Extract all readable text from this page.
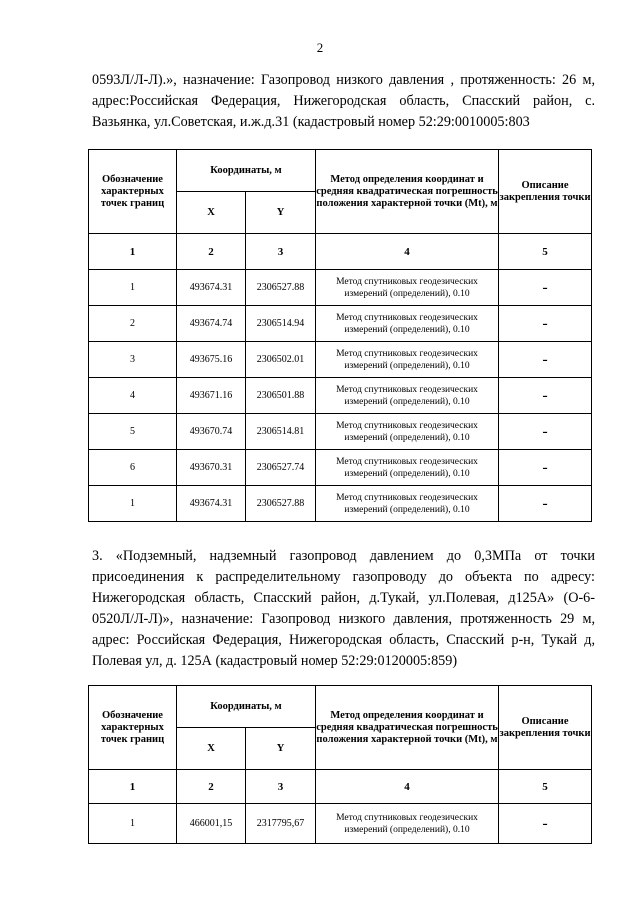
2
0593Л/Л-Л).», назначение: Газопровод низкого давления , протяженность: 26 м, адрес:Российская Федерация, Нижегородская область, Спасский район, с. Вазьянка, ул.Советская, и.ж.д.31 (кадастровый номер 52:29:0010005:803
Обозначение характерных точек границ	Координаты, м		Метод определения координат и средняя квадратическая погрешность положения характерной точки (Mt), м	Описание закрепления точки
	X	Y		
1	2	3	4	5
1	493674.31	2306527.88	Метод спутниковых геодезических измерений (определений), 0.10	-
2	493674.74	2306514.94	Метод спутниковых геодезических измерений (определений), 0.10	-
3	493675.16	2306502.01	Метод спутниковых геодезических измерений (определений), 0.10	-
4	493671.16	2306501.88	Метод спутниковых геодезических измерений (определений), 0.10	-
5	493670.74	2306514.81	Метод спутниковых геодезических измерений (определений), 0.10	-
6	493670.31	2306527.74	Метод спутниковых геодезических измерений (определений), 0.10	-
1	493674.31	2306527.88	Метод спутниковых геодезических измерений (определений), 0.10	-
3. «Подземный, надземный газопровод давлением до 0,3МПа от точки присоединения к распределительному газопроводу до объекта по адресу: Нижегородская область, Спасский район, д.Тукай, ул.Полевая, д125А» (О-6-0520Л/Л-Л)», назначение: Газопровод низкого давления, протяженность 29 м, адрес: Российская Федерация, Нижегородская область, Спасский р-н, Тукай д, Полевая ул, д. 125А (кадастровый номер 52:29:0120005:859)
Обозначение характерных точек границ	Координаты, м		Метод определения координат и средняя квадратическая погрешность положения характерной точки (Mt), м	Описание закрепления точки
	X	Y		
1	2	3	4	5
1	466001,15	2317795,67	Метод спутниковых геодезических измерений (определений), 0.10	-
